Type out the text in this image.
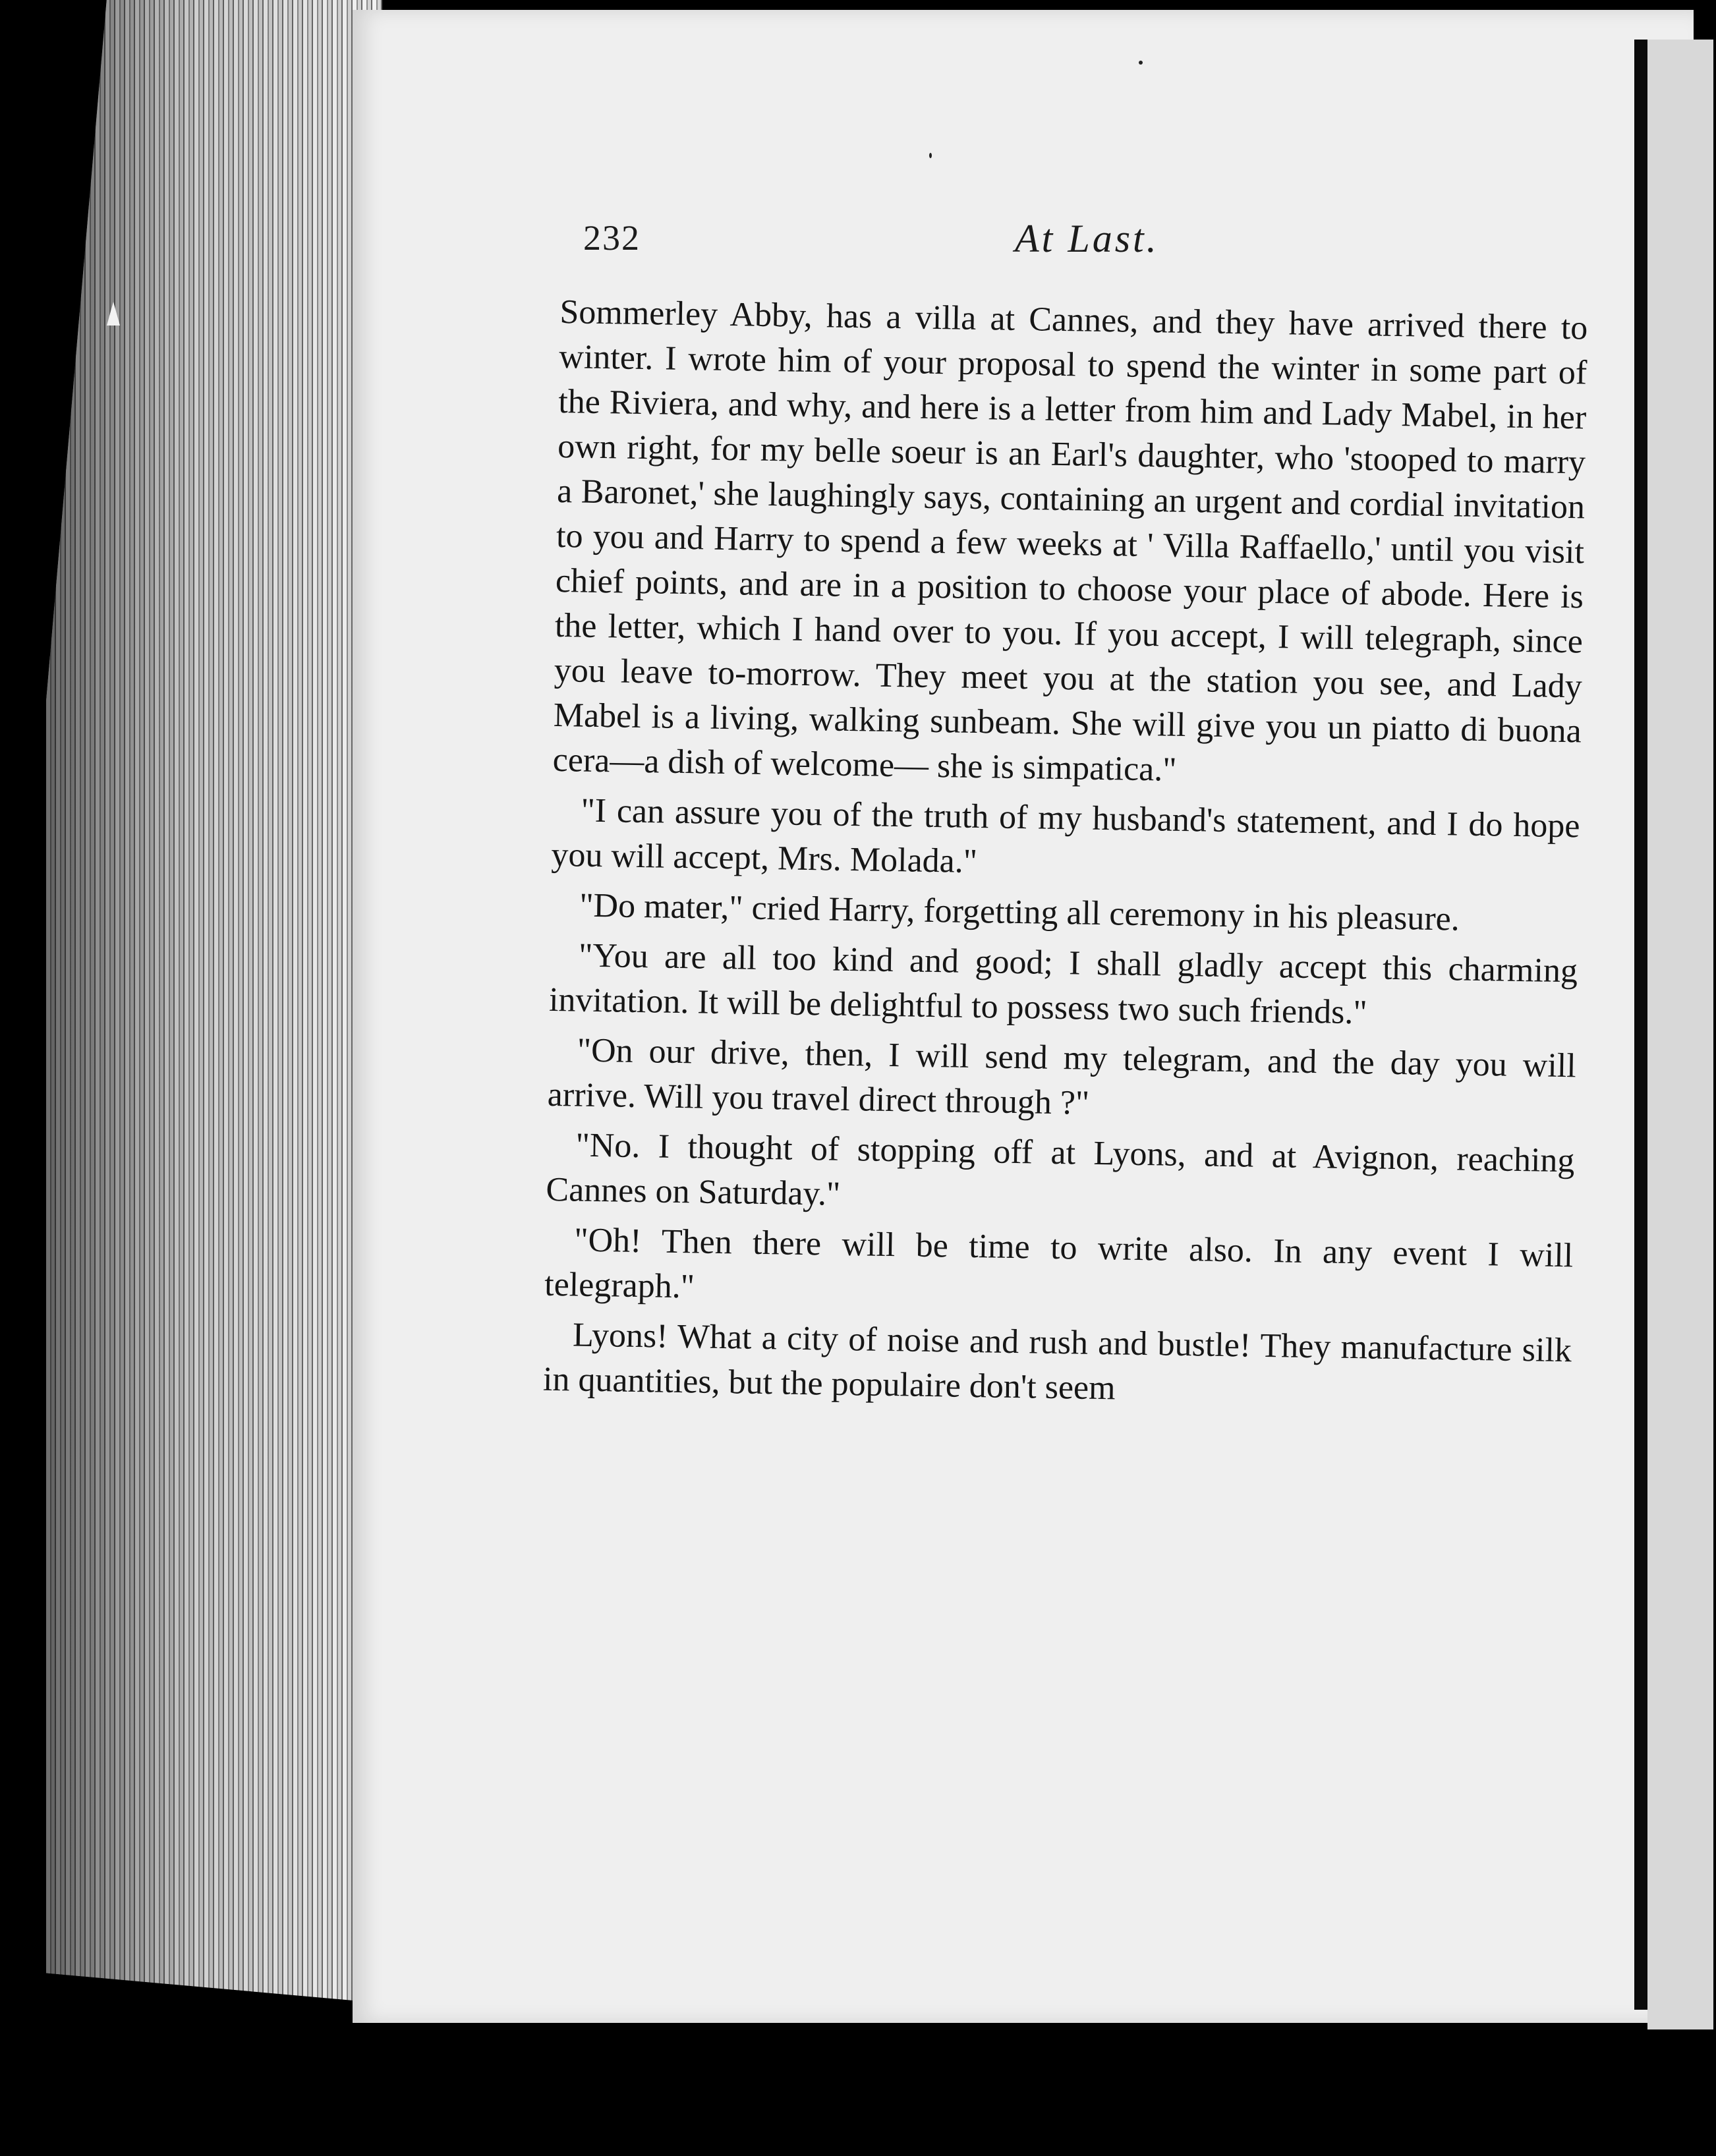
232	At Last.

Sommerley Abby, has a villa at Cannes, and they have arrived there to winter. I wrote him of your proposal to spend the winter in some part of the Riviera, and why, and here is a letter from him and Lady Mabel, in her own right, for my belle soeur is an Earl's daughter, who 'stooped to marry a Baronet,' she laughingly says, containing an urgent and cordial invitation to you and Harry to spend a few weeks at ' Villa Raffaello,' until you visit chief points, and are in a position to choose your place of abode. Here is the letter, which I hand over to you. If you accept, I will telegraph, since you leave to-morrow. They meet you at the station you see, and Lady Mabel is a living, walking sunbeam. She will give you un piatto di buona cera—a dish of welcome— she is simpatica."

"I can assure you of the truth of my husband's statement, and I do hope you will accept, Mrs. Molada."

"Do mater," cried Harry, forgetting all ceremony in his pleasure.

"You are all too kind and good; I shall gladly accept this charming invitation. It will be delightful to possess two such friends."

"On our drive, then, I will send my telegram, and the day you will arrive. Will you travel direct through ?"

"No. I thought of stopping off at Lyons, and at Avignon, reaching Cannes on Saturday."

"Oh! Then there will be time to write also. In any event I will telegraph."

Lyons! What a city of noise and rush and bustle! They manufacture silk in quantities, but the populaire don't seem
